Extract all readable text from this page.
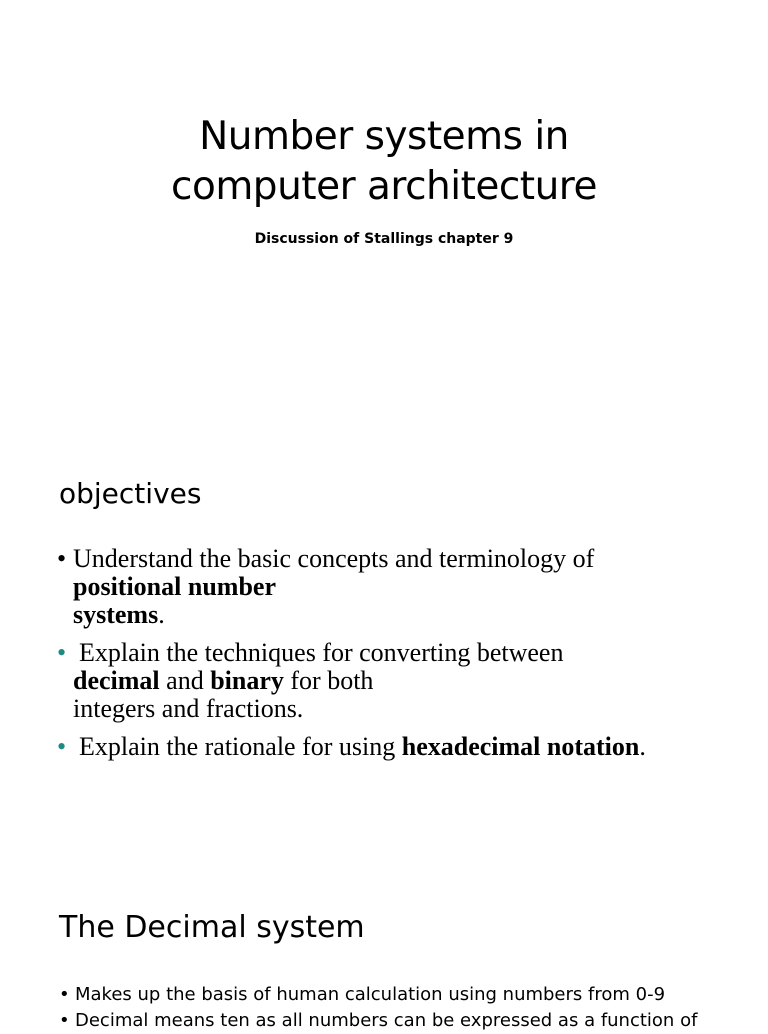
Number systems in
computer architecture

Discussion of Stallings chapter 9

objectives
• Understand the basic concepts and terminology of
positional number
systems.
• Explain the techniques for converting between
decimal and binary for both
integers and fractions.
• Explain the rationale for using hexadecimal notation.
The Decimal system
• Makes up the basis of human calculation using numbers from 0-9
• Decimal means ten as all numbers can be expressed as a function of
